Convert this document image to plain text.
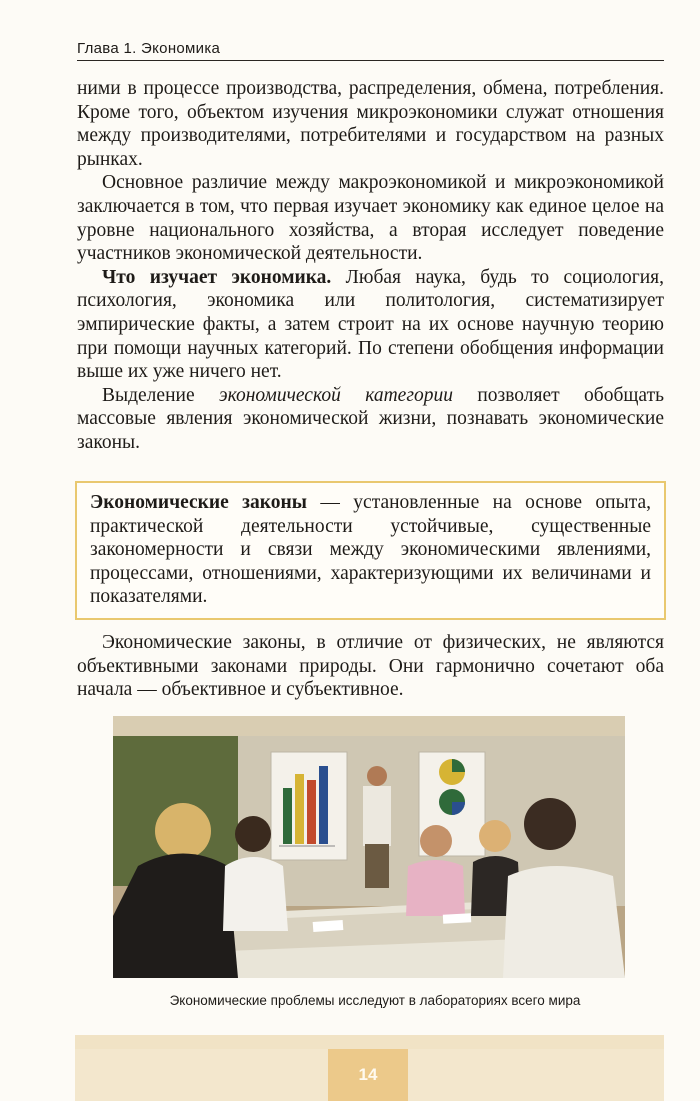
Глава 1. Экономика

ними в процессе производства, распределения, обмена, потребления. Кроме того, объектом изучения микроэкономики служат отношения между производителями, потребителями и государством на разных рынках.

Основное различие между макроэкономикой и микроэкономикой заключается в том, что первая изучает экономику как единое целое на уровне национального хозяйства, а вторая исследует поведение участников экономической деятельности.

Что изучает экономика. Любая наука, будь то социология, психология, экономика или политология, систематизирует эмпирические факты, а затем строит на их основе научную теорию при помощи научных категорий. По степени обобщения информации выше их уже ничего нет.

Выделение экономической категории позволяет обобщать массовые явления экономической жизни, познавать экономические законы.

Экономические законы — установленные на основе опыта, практической деятельности устойчивые, существенные закономерности и связи между экономическими явлениями, процессами, отношениями, характеризующими их величинами и показателями.

Экономические законы, в отличие от физических, не являются объективными законами природы. Они гармонично сочетают оба начала — объективное и субъективное.

Экономические проблемы исследуют в лабораториях всего мира
14
